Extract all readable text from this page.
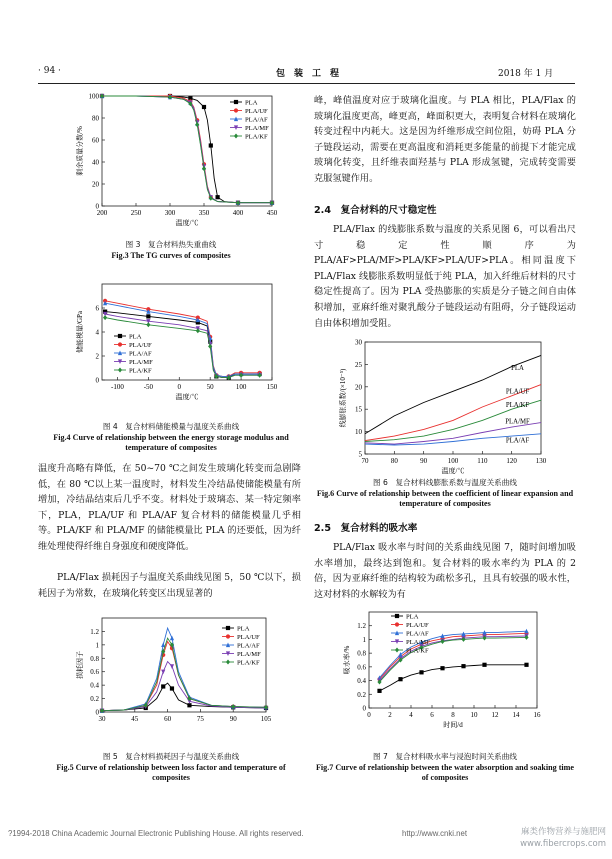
· 94 ·	包　装　工　程	2018 年 1 月
200	250	300	350	400	450
0
20
40
60
80
100
温度/℃
剩余质量分数/%
PLA
PLA/UF
PLA/AF
PLA/MF
PLA/KF
图 3　复合材料热失重曲线
Fig.3 The TG curves of composites
-100	-50	0	50	100	150
0
2
4
6
温度/℃
储能模量/GPa	PLA
PLA/UF
PLA/AF
PLA/MF
PLA/KF
图 4　复合材料储能模量与温度关系曲线
Fig.4 Curve of relationship between the energy storage modulus and temperature of composites

温度升高略有降低，在 50~70 ℃之间发生玻璃化转变而急剧降低，在 80 ℃以上某一温度时，材料发生冷结晶使储能模量有所增加，冷结晶结束后几乎不变。材料处于玻璃态、某一特定频率下，PLA，PLA/UF 和 PLA/AF 复合材料的储能模量几乎相等。PLA/KF 和 PLA/MF 的储能模量比 PLA 的还要低，因为纤维处理使得纤维自身强度和硬度降低。

PLA/Flax 损耗因子与温度关系曲线见图 5，50 ℃以下，损耗因子为常数，在玻璃化转变区出现显著的

30	45	60	75	90	105
0
0.2
0.4
0.6
0.8
1
1.2
损耗因子
PLA
PLA/UF
PLA/AF
PLA/MF
PLA/KF
图 5　复合材料损耗因子与温度关系曲线
Fig.5 Curve of relationship between loss factor and temperature of composites

峰，峰值温度对应于玻璃化温度。与 PLA 相比，PLA/Flax 的玻璃化温度更高，峰更高，峰面积更大，表明复合材料在玻璃化转变过程中内耗大。这是因为纤维形成空间位阻，妨碍 PLA 分子链段运动，需要在更高温度和消耗更多能量的前提下才能完成玻璃化转变，且纤维表面羟基与 PLA 形成氢键，完成转变需要克服氢键作用。

2.4　复合材料的尺寸稳定性

PLA/Flax 的线膨胀系数与温度的关系见图 6，可以看出尺寸稳定性顺序为 PLA/AF>PLA/MF>PLA/KF>PLA/UF>PLA。相同温度下 PLA/Flax 线膨胀系数明显低于纯 PLA，加入纤维后材料的尺寸稳定性提高了。因为 PLA 受热膨胀的实质是分子链之间自由体积增加，亚麻纤维对聚乳酸分子链段运动有阻碍，分子链段运动自由体积增加受阻。

70	80	90	100	110	120	130
5
10
15
20
25
30
温度/℃
线膨胀系数/(×10⁻⁵)
PLA
PLA/UF
PLA/KF
PLA/MF
PLA/AF
图 6　复合材料线膨胀系数与温度关系曲线
Fig.6 Curve of relationship between the coefficient of linear expansion and temperature of composites
2.5　复合材料的吸水率

PLA/Flax 吸水率与时间的关系曲线见图 7，随时间增加吸水率增加，最终达到饱和。复合材料的吸水率约为 PLA 的 2 倍，因为亚麻纤维的结构较为疏松多孔，且具有较强的吸水性，这对材料的水解较为有

0	2	4	6	8 10 12 14 16
0
0.2
0.4
0.6
0.8
1
1.2
时间/d
吸水率/%
PLA
PLA/UF
PLA/AF
PLA/MF
PLA/KF
图 7　复合材料吸水率与浸泡时间关系曲线
Fig.7 Curve of relationship between the water absorption and soaking time of composites
?1994-2018 China Academic Journal Electronic Publishing House. All rights reserved.	http://www.cnki.net	麻类作物营养与施肥网
www.fibercrops.com
